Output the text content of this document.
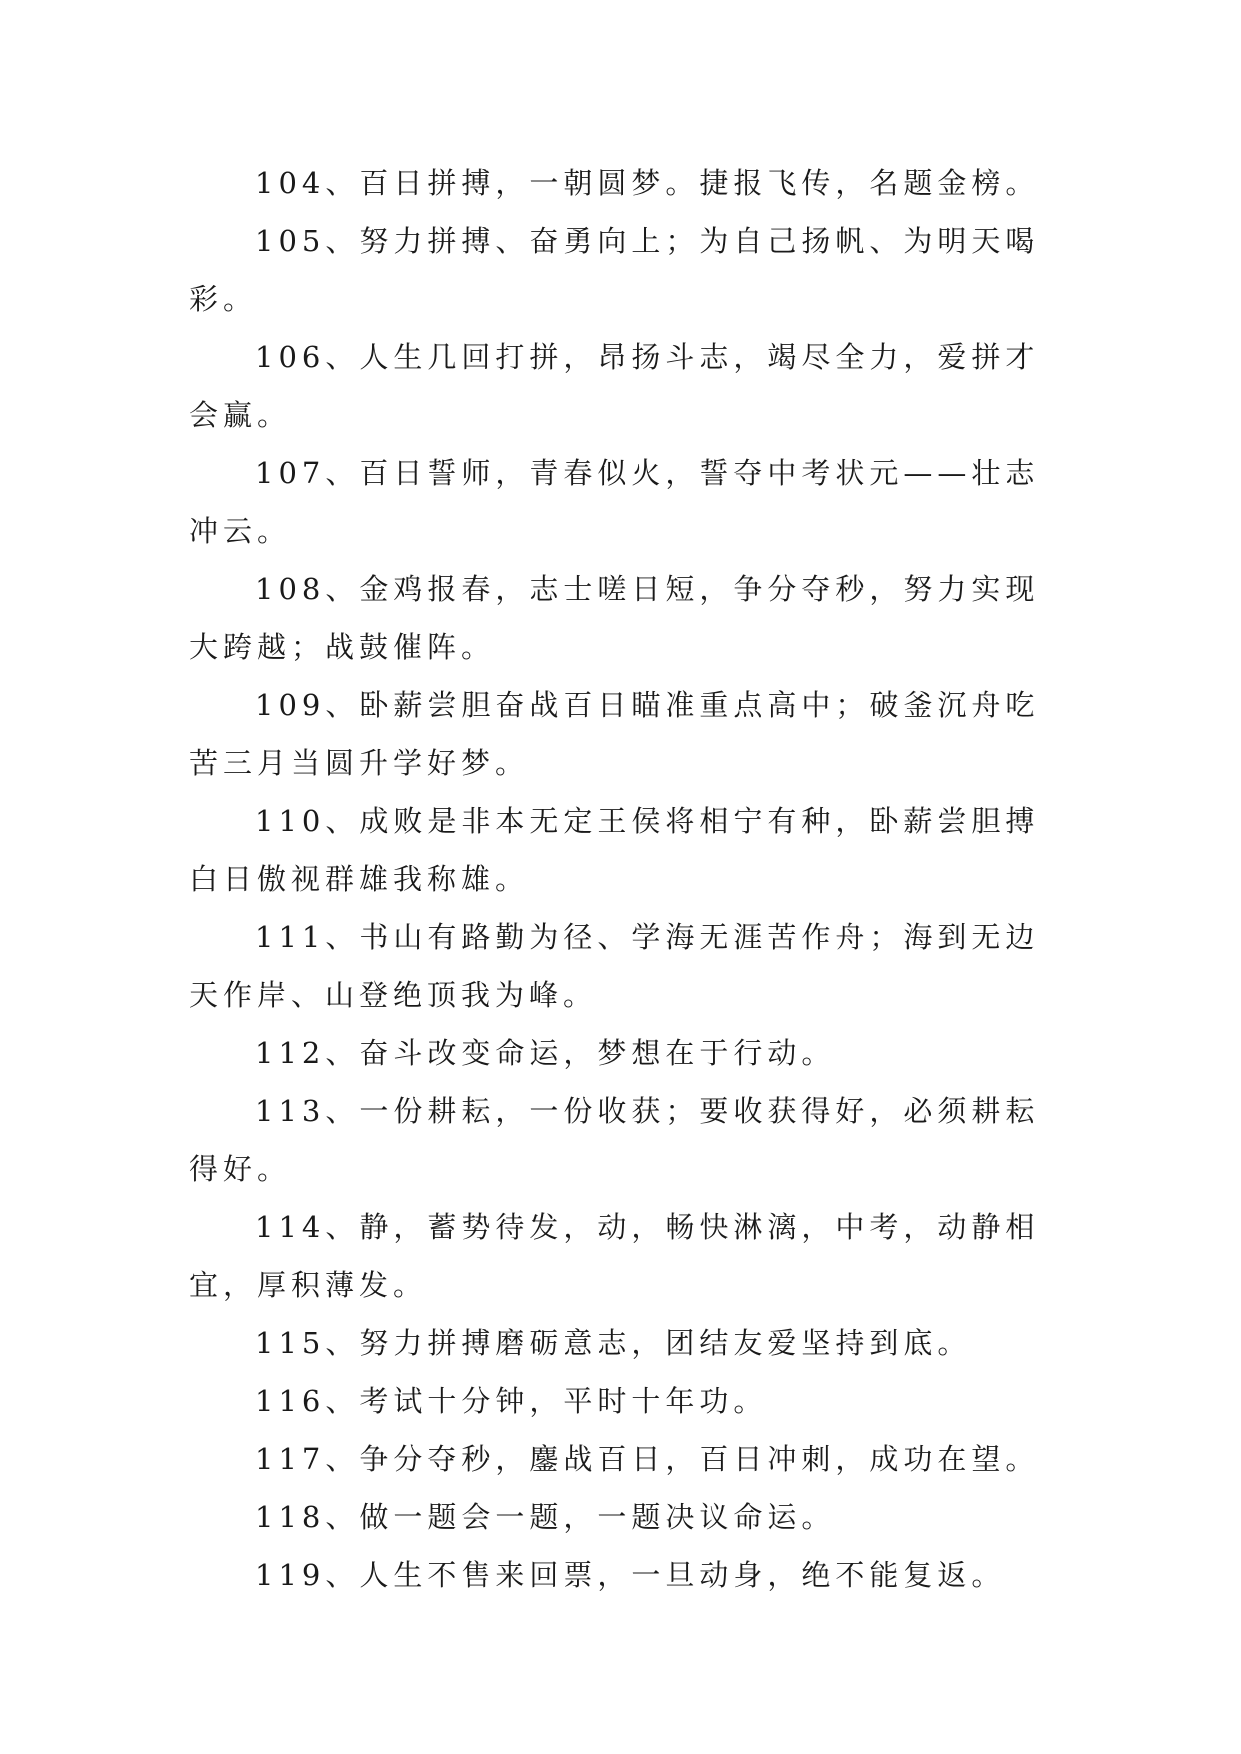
104、百日拼搏，一朝圆梦。捷报飞传，名题金榜。

105、努力拼搏、奋勇向上；为自己扬帆、为明天喝彩。

106、人生几回打拼，昂扬斗志，竭尽全力，爱拼才会赢。

107、百日誓师，青春似火，誓夺中考状元——壮志冲云。

108、金鸡报春，志士嗟日短，争分夺秒，努力实现大跨越；战鼓催阵。

109、卧薪尝胆奋战百日瞄准重点高中；破釜沉舟吃苦三月当圆升学好梦。

110、成败是非本无定王侯将相宁有种，卧薪尝胆搏白日傲视群雄我称雄。

111、书山有路勤为径、学海无涯苦作舟；海到无边天作岸、山登绝顶我为峰。

112、奋斗改变命运，梦想在于行动。

113、一份耕耘，一份收获；要收获得好，必须耕耘得好。

114、静，蓄势待发，动，畅快淋漓，中考，动静相宜，厚积薄发。

115、努力拼搏磨砺意志，团结友爱坚持到底。

116、考试十分钟，平时十年功。

117、争分夺秒，鏖战百日，百日冲刺，成功在望。

118、做一题会一题，一题决议命运。

119、人生不售来回票，一旦动身，绝不能复返。
